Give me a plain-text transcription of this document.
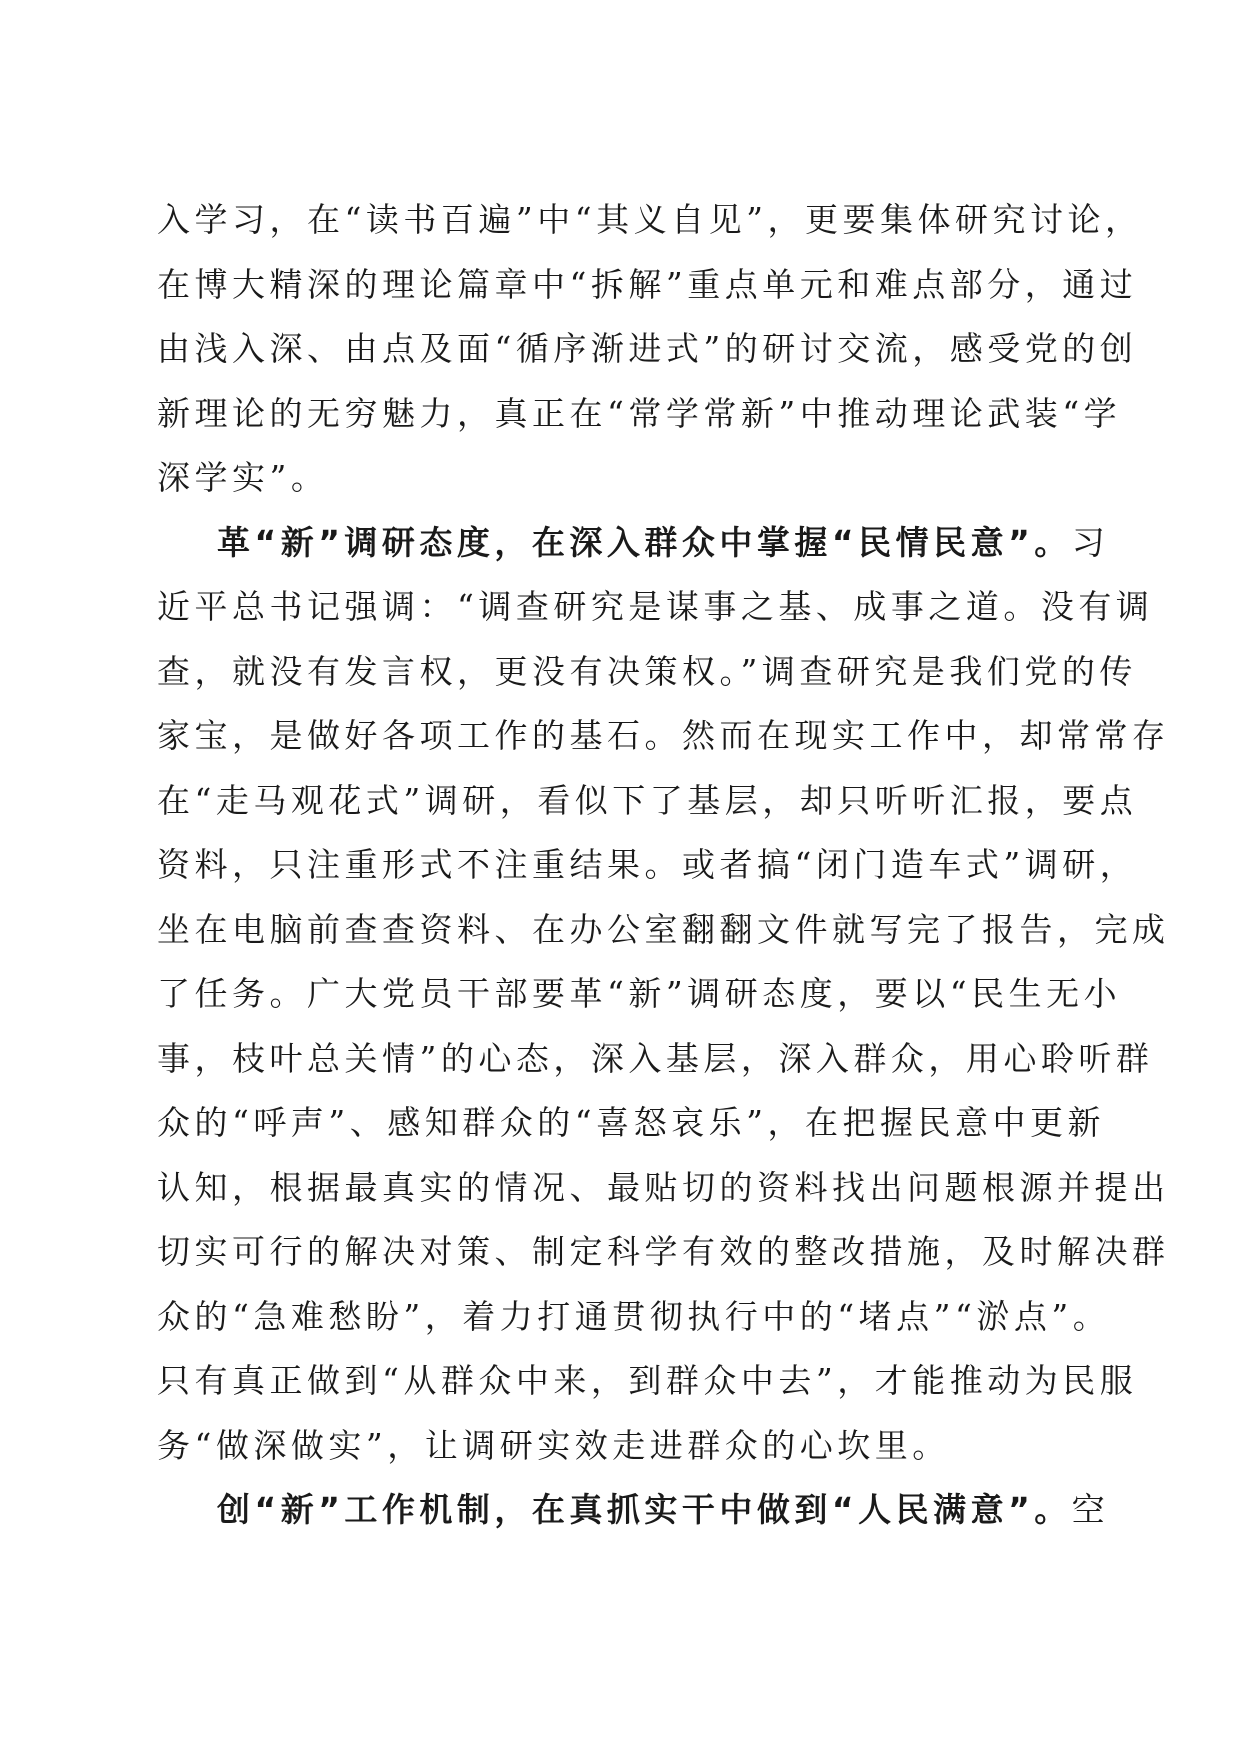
入学习，在“读书百遍”中“其义自见”，更要集体研究讨论，
在博大精深的理论篇章中“拆解”重点单元和难点部分，通过
由浅入深、由点及面“循序渐进式”的研讨交流，感受党的创
新理论的无穷魅力，真正在“常学常新”中推动理论武装“学
深学实”。
革“新”调研态度，在深入群众中掌握“民情民意”。习
近平总书记强调：“调查研究是谋事之基、成事之道。没有调
查，就没有发言权，更没有决策权。”调查研究是我们党的传
家宝，是做好各项工作的基石。然而在现实工作中，却常常存
在“走马观花式”调研，看似下了基层，却只听听汇报，要点
资料，只注重形式不注重结果。或者搞“闭门造车式”调研，
坐在电脑前查查资料、在办公室翻翻文件就写完了报告，完成
了任务。广大党员干部要革“新”调研态度，要以“民生无小
事，枝叶总关情”的心态，深入基层，深入群众，用心聆听群
众的“呼声”、感知群众的“喜怒哀乐”，在把握民意中更新
认知，根据最真实的情况、最贴切的资料找出问题根源并提出
切实可行的解决对策、制定科学有效的整改措施，及时解决群
众的“急难愁盼”，着力打通贯彻执行中的“堵点”“淤点”。
只有真正做到“从群众中来，到群众中去”，才能推动为民服
务“做深做实”，让调研实效走进群众的心坎里。
创“新”工作机制，在真抓实干中做到“人民满意”。空
